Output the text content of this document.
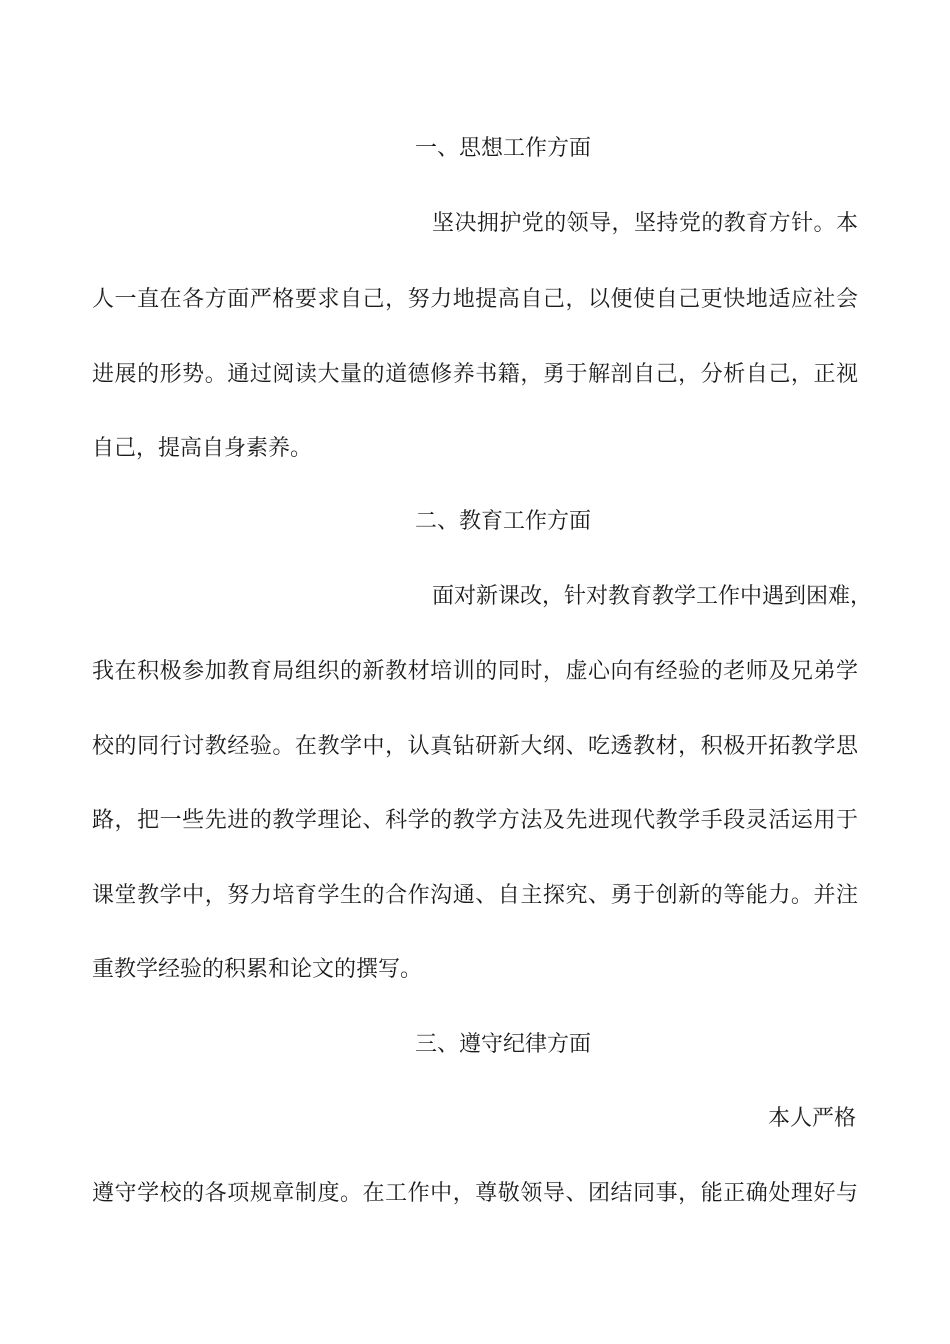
一、思想工作方面
坚决拥护党的领导，坚持党的教育方针。本
人一直在各方面严格要求自己，努力地提高自己，以便使自己更快地适应社会
进展的形势。通过阅读大量的道德修养书籍，勇于解剖自己，分析自己，正视
自己，提高自身素养。
二、教育工作方面
面对新课改，针对教育教学工作中遇到困难，
我在积极参加教育局组织的新教材培训的同时，虚心向有经验的老师及兄弟学
校的同行讨教经验。在教学中，认真钻研新大纲、吃透教材，积极开拓教学思
路，把一些先进的教学理论、科学的教学方法及先进现代教学手段灵活运用于
课堂教学中，努力培育学生的合作沟通、自主探究、勇于创新的等能力。并注
重教学经验的积累和论文的撰写。
三、遵守纪律方面
本人严格
遵守学校的各项规章制度。在工作中，尊敬领导、团结同事，能正确处理好与
